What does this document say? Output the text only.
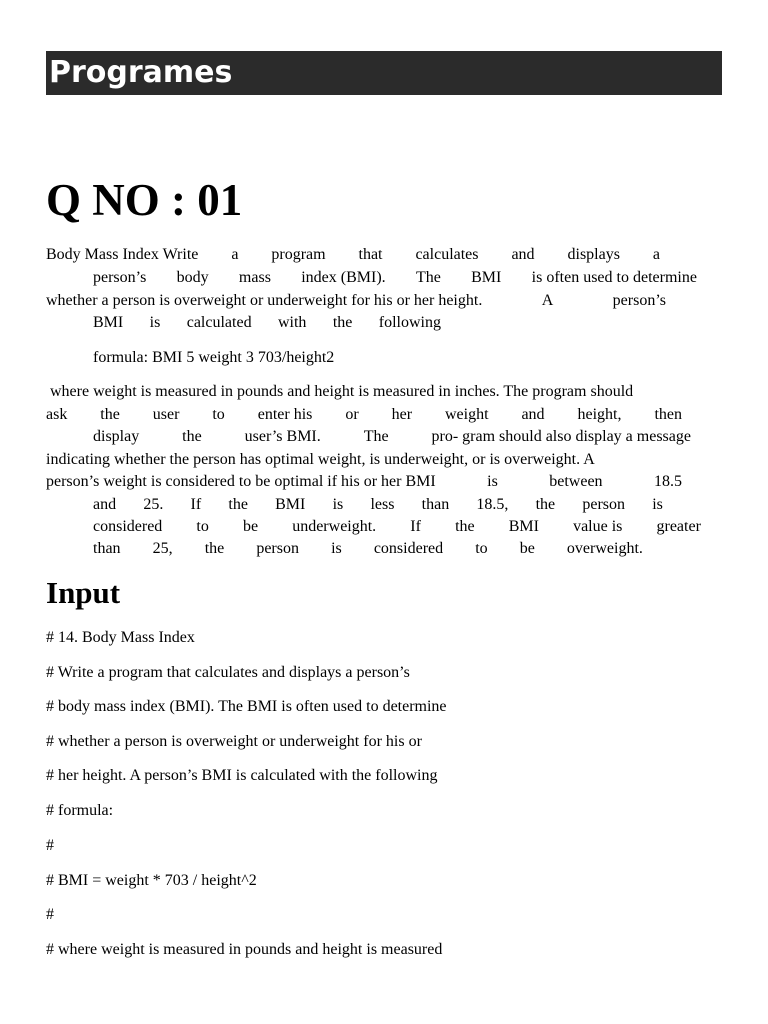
Programes
Q NO : 01
Body Mass Index Write a program that calculates and displays a
person’s body mass index (BMI). The BMI is often used to determine
whether a person is overweight or underweight for his or her height.	A	person’s
BMI is calculated with the following
formula: BMI 5 weight 3 703/height2
where weight is measured in pounds and height is measured in inches. The program should
ask the user to enter his or her weight and height, then
display	the	user’s BMI.	The	pro- gram should also display a message
indicating whether the person has optimal weight, is underweight, or is overweight. A
person’s weight is considered to be optimal if his or her BMI	is	between	18.5
and 25. If the BMI is less than 18.5, the person is
considered to be underweight. If the BMI value is greater
than 25, the person is considered to be overweight.
Input
# 14. Body Mass Index
# Write a program that calculates and displays a person’s
# body mass index (BMI). The BMI is often used to determine
# whether a person is overweight or underweight for his or
# her height. A person’s BMI is calculated with the following
# formula:
#
# BMI = weight * 703 / height^2
#
# where weight is measured in pounds and height is measured
